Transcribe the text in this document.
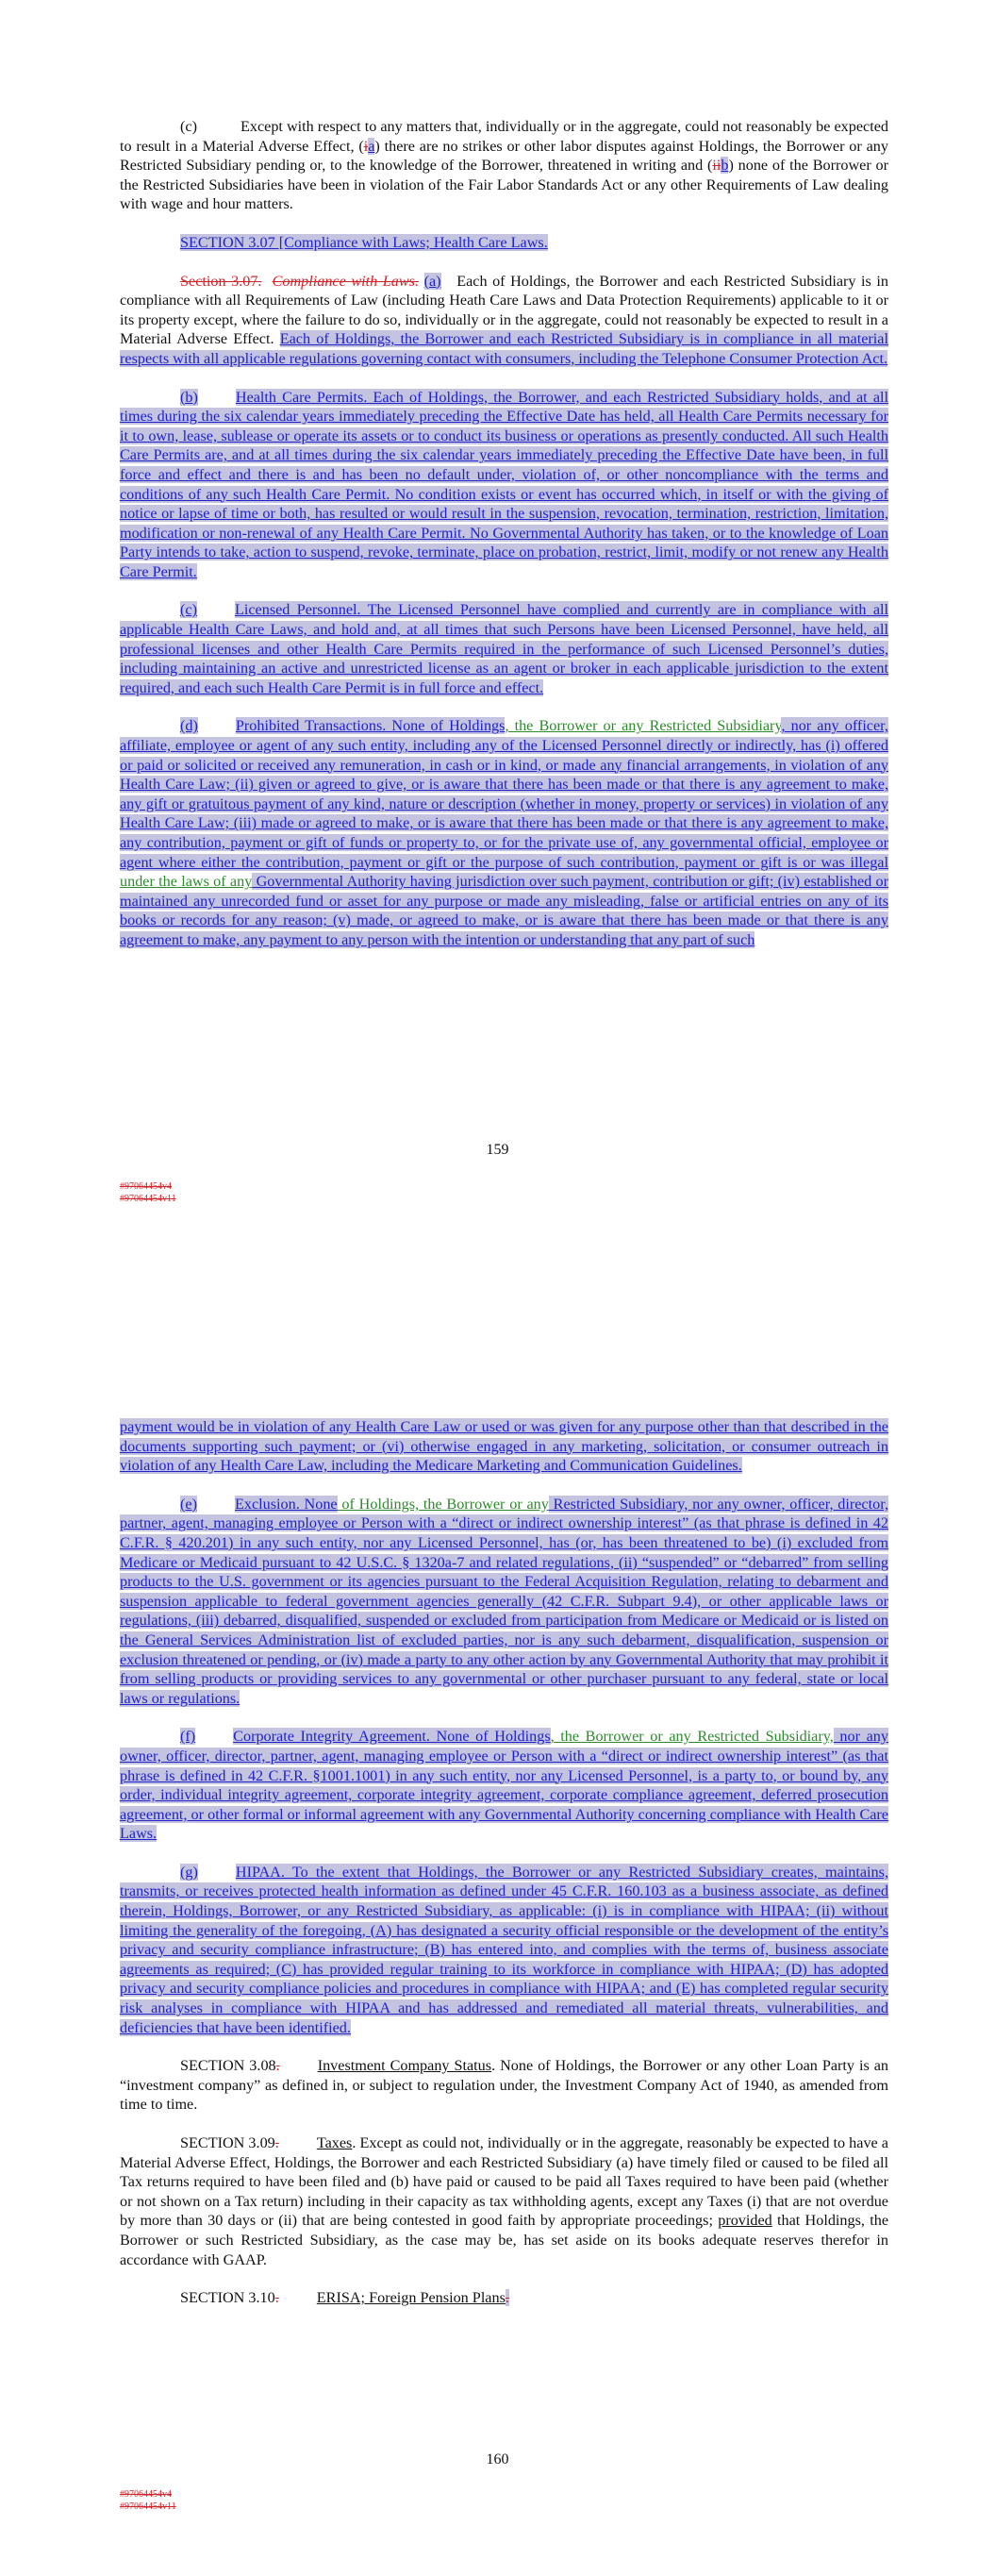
(c)	Except with respect to any matters that, individually or in the aggregate, could not reasonably be expected to result in a Material Adverse Effect, (ia) there are no strikes or other labor disputes against Holdings, the Borrower or any Restricted Subsidiary pending or, to the knowledge of the Borrower, threatened in writing and (iib) none of the Borrower or the Restricted Subsidiaries have been in violation of the Fair Labor Standards Act or any other Requirements of Law dealing with wage and hour matters.

SECTION 3.07 [Compliance with Laws; Health Care Laws.

Section 3.07. Compliance with Laws. (a) Each of Holdings, the Borrower and each Restricted Subsidiary is in compliance with all Requirements of Law (including Heath Care Laws and Data Protection Requirements) applicable to it or its property except, where the failure to do so, individually or in the aggregate, could not reasonably be expected to result in a Material Adverse Effect. Each of Holdings, the Borrower and each Restricted Subsidiary is in compliance in all material respects with all applicable regulations governing contact with consumers, including the Telephone Consumer Protection Act.

(b) Health Care Permits. Each of Holdings, the Borrower, and each Restricted Subsidiary holds, and at all times during the six calendar years immediately preceding the Effective Date has held, all Health Care Permits necessary for it to own, lease, sublease or operate its assets or to conduct its business or operations as presently conducted. All such Health Care Permits are, and at all times during the six calendar years immediately preceding the Effective Date have been, in full force and effect and there is and has been no default under, violation of, or other noncompliance with the terms and conditions of any such Health Care Permit. No condition exists or event has occurred which, in itself or with the giving of notice or lapse of time or both, has resulted or would result in the suspension, revocation, termination, restriction, limitation, modification or non-renewal of any Health Care Permit. No Governmental Authority has taken, or to the knowledge of Loan Party intends to take, action to suspend, revoke, terminate, place on probation, restrict, limit, modify or not renew any Health Care Permit.

(c) Licensed Personnel. The Licensed Personnel have complied and currently are in compliance with all applicable Health Care Laws, and hold and, at all times that such Persons have been Licensed Personnel, have held, all professional licenses and other Health Care Permits required in the performance of such Licensed Personnel’s duties, including maintaining an active and unrestricted license as an agent or broker in each applicable jurisdiction to the extent required, and each such Health Care Permit is in full force and effect.

(d) Prohibited Transactions. None of Holdings, the Borrower or any Restricted Subsidiary, nor any officer, affiliate, employee or agent of any such entity, including any of the Licensed Personnel directly or indirectly, has (i) offered or paid or solicited or received any remuneration, in cash or in kind, or made any financial arrangements, in violation of any Health Care Law; (ii) given or agreed to give, or is aware that there has been made or that there is any agreement to make, any gift or gratuitous payment of any kind, nature or description (whether in money, property or services) in violation of any Health Care Law; (iii) made or agreed to make, or is aware that there has been made or that there is any agreement to make, any contribution, payment or gift of funds or property to, or for the private use of, any governmental official, employee or agent where either the contribution, payment or gift or the purpose of such contribution, payment or gift is or was illegal under the laws of any Governmental Authority having jurisdiction over such payment, contribution or gift; (iv) established or maintained any unrecorded fund or asset for any purpose or made any misleading, false or artificial entries on any of its books or records for any reason; (v) made, or agreed to make, or is aware that there has been made or that there is any agreement to make, any payment to any person with the intention or understanding that any part of such

159
#97064454v4
#97064454v11

payment would be in violation of any Health Care Law or used or was given for any purpose other than that described in the documents supporting such payment; or (vi) otherwise engaged in any marketing, solicitation, or consumer outreach in violation of any Health Care Law, including the Medicare Marketing and Communication Guidelines.

(e) Exclusion. None of Holdings, the Borrower or any Restricted Subsidiary, nor any owner, officer, director, partner, agent, managing employee or Person with a “direct or indirect ownership interest” (as that phrase is defined in 42 C.F.R. § 420.201) in any such entity, nor any Licensed Personnel, has (or, has been threatened to be) (i) excluded from Medicare or Medicaid pursuant to 42 U.S.C. § 1320a-7 and related regulations, (ii) “suspended” or “debarred” from selling products to the U.S. government or its agencies pursuant to the Federal Acquisition Regulation, relating to debarment and suspension applicable to federal government agencies generally (42 C.F.R. Subpart 9.4), or other applicable laws or regulations, (iii) debarred, disqualified, suspended or excluded from participation from Medicare or Medicaid or is listed on the General Services Administration list of excluded parties, nor is any such debarment, disqualification, suspension or exclusion threatened or pending, or (iv) made a party to any other action by any Governmental Authority that may prohibit it from selling products or providing services to any governmental or other purchaser pursuant to any federal, state or local laws or regulations.

(f) Corporate Integrity Agreement. None of Holdings, the Borrower or any Restricted Subsidiary, nor any owner, officer, director, partner, agent, managing employee or Person with a “direct or indirect ownership interest” (as that phrase is defined in 42 C.F.R. §1001.1001) in any such entity, nor any Licensed Personnel, is a party to, or bound by, any order, individual integrity agreement, corporate integrity agreement, corporate compliance agreement, deferred prosecution agreement, or other formal or informal agreement with any Governmental Authority concerning compliance with Health Care Laws.

(g) HIPAA. To the extent that Holdings, the Borrower or any Restricted Subsidiary creates, maintains, transmits, or receives protected health information as defined under 45 C.F.R. 160.103 as a business associate, as defined therein, Holdings, Borrower, or any Restricted Subsidiary, as applicable: (i) is in compliance with HIPAA; (ii) without limiting the generality of the foregoing, (A) has designated a security official responsible or the development of the entity’s privacy and security compliance infrastructure; (B) has entered into, and complies with the terms of, business associate agreements as required; (C) has provided regular training to its workforce in compliance with HIPAA; (D) has adopted privacy and security compliance policies and procedures in compliance with HIPAA; and (E) has completed regular security risk analyses in compliance with HIPAA and has addressed and remediated all material threats, vulnerabilities, and deficiencies that have been identified.

SECTION 3.08. Investment Company Status. None of Holdings, the Borrower or any other Loan Party is an “investment company” as defined in, or subject to regulation under, the Investment Company Act of 1940, as amended from time to time.

SECTION 3.09. Taxes. Except as could not, individually or in the aggregate, reasonably be expected to have a Material Adverse Effect, Holdings, the Borrower and each Restricted Subsidiary (a) have timely filed or caused to be filed all Tax returns required to have been filed and (b) have paid or caused to be paid all Taxes required to have been paid (whether or not shown on a Tax return) including in their capacity as tax withholding agents, except any Taxes (i) that are not overdue by more than 30 days or (ii) that are being contested in good faith by appropriate proceedings; provided that Holdings, the Borrower or such Restricted Subsidiary, as the case may be, has set aside on its books adequate reserves therefor in accordance with GAAP.

SECTION 3.10. ERISA; Foreign Pension Plans.

160
#97064454v4
#97064454v11
